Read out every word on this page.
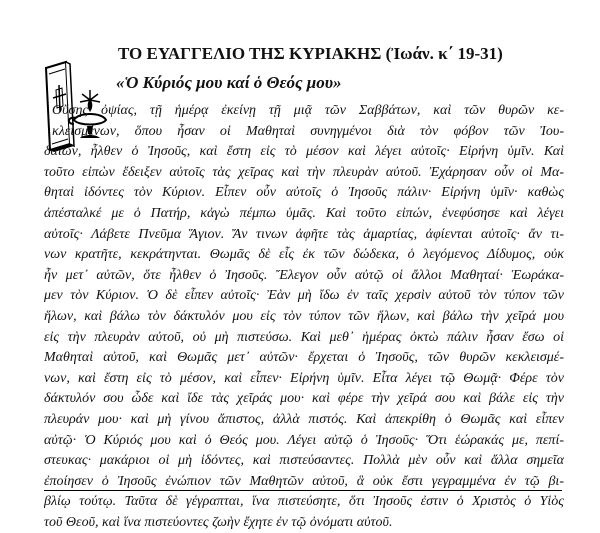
ΤΟ ΕΥΑΓΓΕΛΙΟ ΤΗΣ ΚΥΡΙΑΚΗΣ (Ἰωάν. κ΄ 19-31)
«Ὁ Κύριός μου καί ὁ Θεός μου»
Οὔσης ὀψίας, τῇ ἡμέρᾳ ἐκείνῃ τῇ μιᾷ τῶν Σαββάτων, καὶ τῶν θυρῶν κε-
κλεισμένων, ὅπου ἦσαν οἱ Μαθηταὶ συνηγμένοι διὰ τὸν φόβον τῶν Ἰου-
δαίων, ἦλθεν ὁ Ἰησοῦς, καὶ ἔστη εἰς τὸ μέσον καὶ λέγει αὐτοῖς· Εἰρήνη ὑμῖν. Καὶ
τοῦτο εἰπὼν ἔδειξεν αὐτοῖς τὰς χεῖρας καὶ τὴν πλευρὰν αὐτοῦ. Ἐχάρησαν οὖν οἱ Μα-
θηταὶ ἰδόντες τὸν Κύριον. Εἶπεν οὖν αὐτοῖς ὁ Ἰησοῦς πάλιν· Εἰρήνη ὑμῖν· καθὼς
ἀπέσταλκέ με ὁ Πατήρ, κἀγὼ πέμπω ὑμᾶς. Καὶ τοῦτο εἰπών, ἐνεφύσησε καὶ λέγει
αὐτοῖς· Λάβετε Πνεῦμα Ἅγιον. Ἄν τινων ἀφῆτε τὰς ἁμαρτίας, ἀφίενται αὐτοῖς· ἄν τι-
νων κρατῆτε, κεκράτηνται. Θωμᾶς δὲ εἷς ἐκ τῶν δώδεκα, ὁ λεγόμενος Δίδυμος, οὐκ
ἦν μετ᾽ αὐτῶν, ὅτε ἦλθεν ὁ Ἰησοῦς. Ἔλεγον οὖν αὐτῷ οἱ ἄλλοι Μαθηταί· Ἑωράκα-
μεν τὸν Κύριον. Ὁ δὲ εἶπεν αὐτοῖς· Ἐὰν μὴ ἴδω ἐν ταῖς χερσὶν αὐτοῦ τὸν τύπον τῶν
ἥλων, καὶ βάλω τὸν δάκτυλόν μου εἰς τὸν τύπον τῶν ἥλων, καὶ βάλω τὴν χεῖρά μου
εἰς τὴν πλευρὰν αὐτοῦ, οὐ μὴ πιστεύσω. Καὶ μεθ᾽ ἡμέρας ὀκτὼ πάλιν ἦσαν ἔσω οἱ
Μαθηταὶ αὐτοῦ, καὶ Θωμᾶς μετ᾽ αὐτῶν· ἔρχεται ὁ Ἰησοῦς, τῶν θυρῶν κεκλεισμέ-
νων, καὶ ἔστη εἰς τὸ μέσον, καὶ εἶπεν· Εἰρήνη ὑμῖν. Εἶτα λέγει τῷ Θωμᾷ· Φέρε τὸν
δάκτυλόν σου ὧδε καὶ ἴδε τὰς χεῖράς μου· καὶ φέρε τὴν χεῖρά σου καὶ βάλε εἰς τὴν
πλευράν μου· καὶ μὴ γίνου ἄπιστος, ἀλλὰ πιστός. Καὶ ἀπεκρίθη ὁ Θωμᾶς καὶ εἶπεν
αὐτῷ· Ὁ Κύριός μου καὶ ὁ Θεός μου. Λέγει αὐτῷ ὁ Ἰησοῦς· Ὅτι ἑώρακάς με, πεπί-
στευκας· μακάριοι οἱ μὴ ἰδόντες, καὶ πιστεύσαντες. Πολλὰ μὲν οὖν καὶ ἄλλα σημεῖα
ἐποίησεν ὁ Ἰησοῦς ἐνώπιον τῶν Μαθητῶν αὐτοῦ, ἃ οὐκ ἔστι γεγραμμένα ἐν τῷ βι-
βλίῳ τούτῳ. Ταῦτα δὲ γέγραπται, ἵνα πιστεύσητε, ὅτι Ἰησοῦς ἐστιν ὁ Χριστὸς ὁ Υἱὸς
τοῦ Θεοῦ, καὶ ἵνα πιστεύοντες ζωὴν ἔχητε ἐν τῷ ὀνόματι αὐτοῦ.
